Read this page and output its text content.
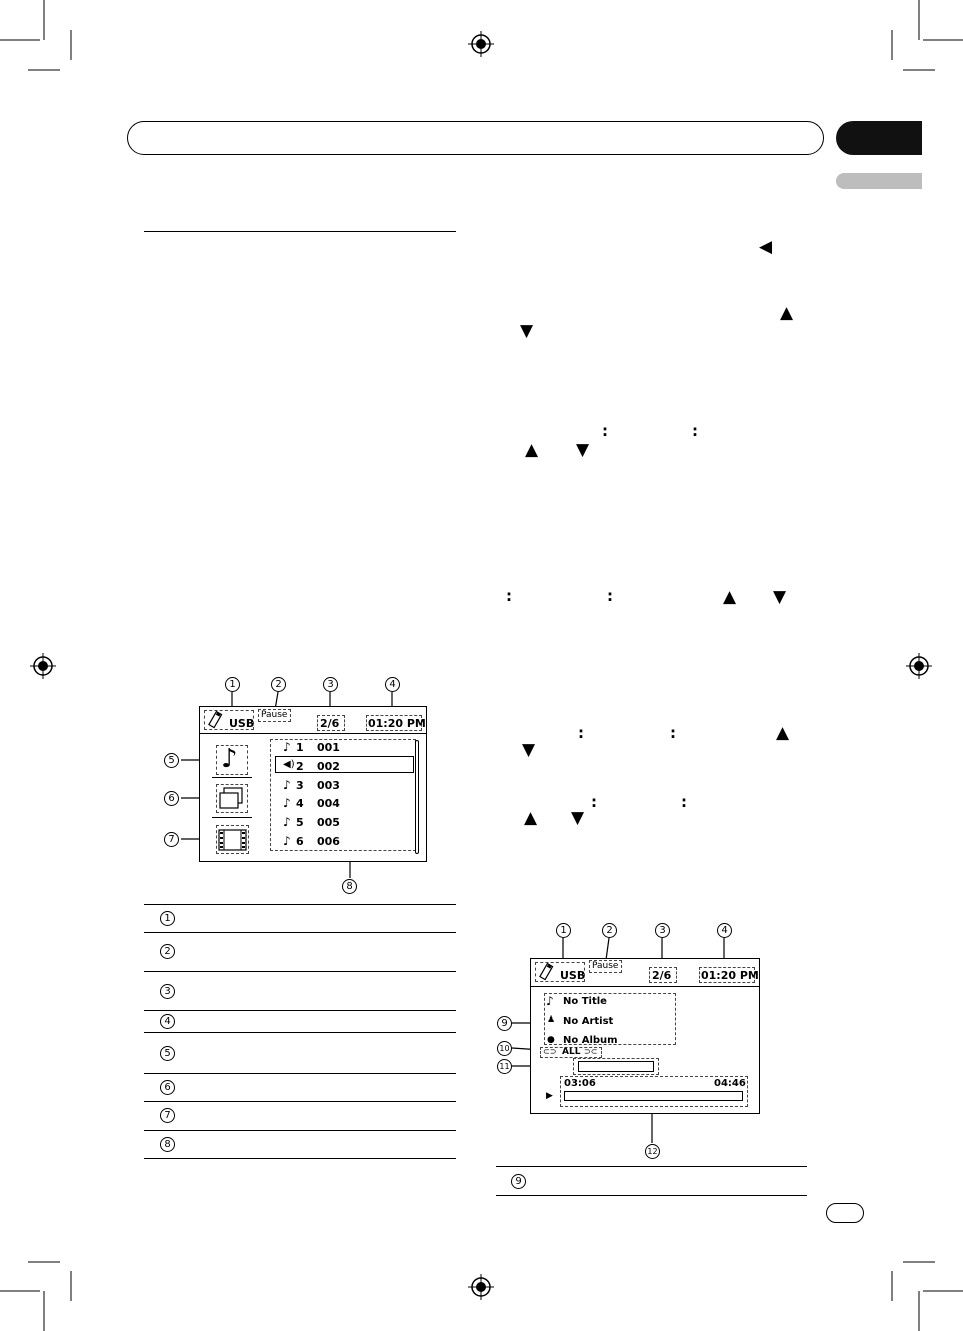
◀
▲
▼
:	:
▲ ▼
:	:	▲ ▼
:	:	▲
▼
:	:
▲ ▼
1	2	3	4
USB
Pause
2/6	01:20 PM
5
6
7
♪	♪ 1 001
◀) 2 002
♪ 3 003
♪ 4 004
♪ 5 005
♪ 6 006
8
1
2
3
4
5
6
7
8
1	2	3	4
USB
Pause
2/6	01:20 PM
9
10
11
♪ No Title
♟ No Artist
● No Album
⊂⊃ ALL ⊃⊂
03:06	04:46
▶
12
9
